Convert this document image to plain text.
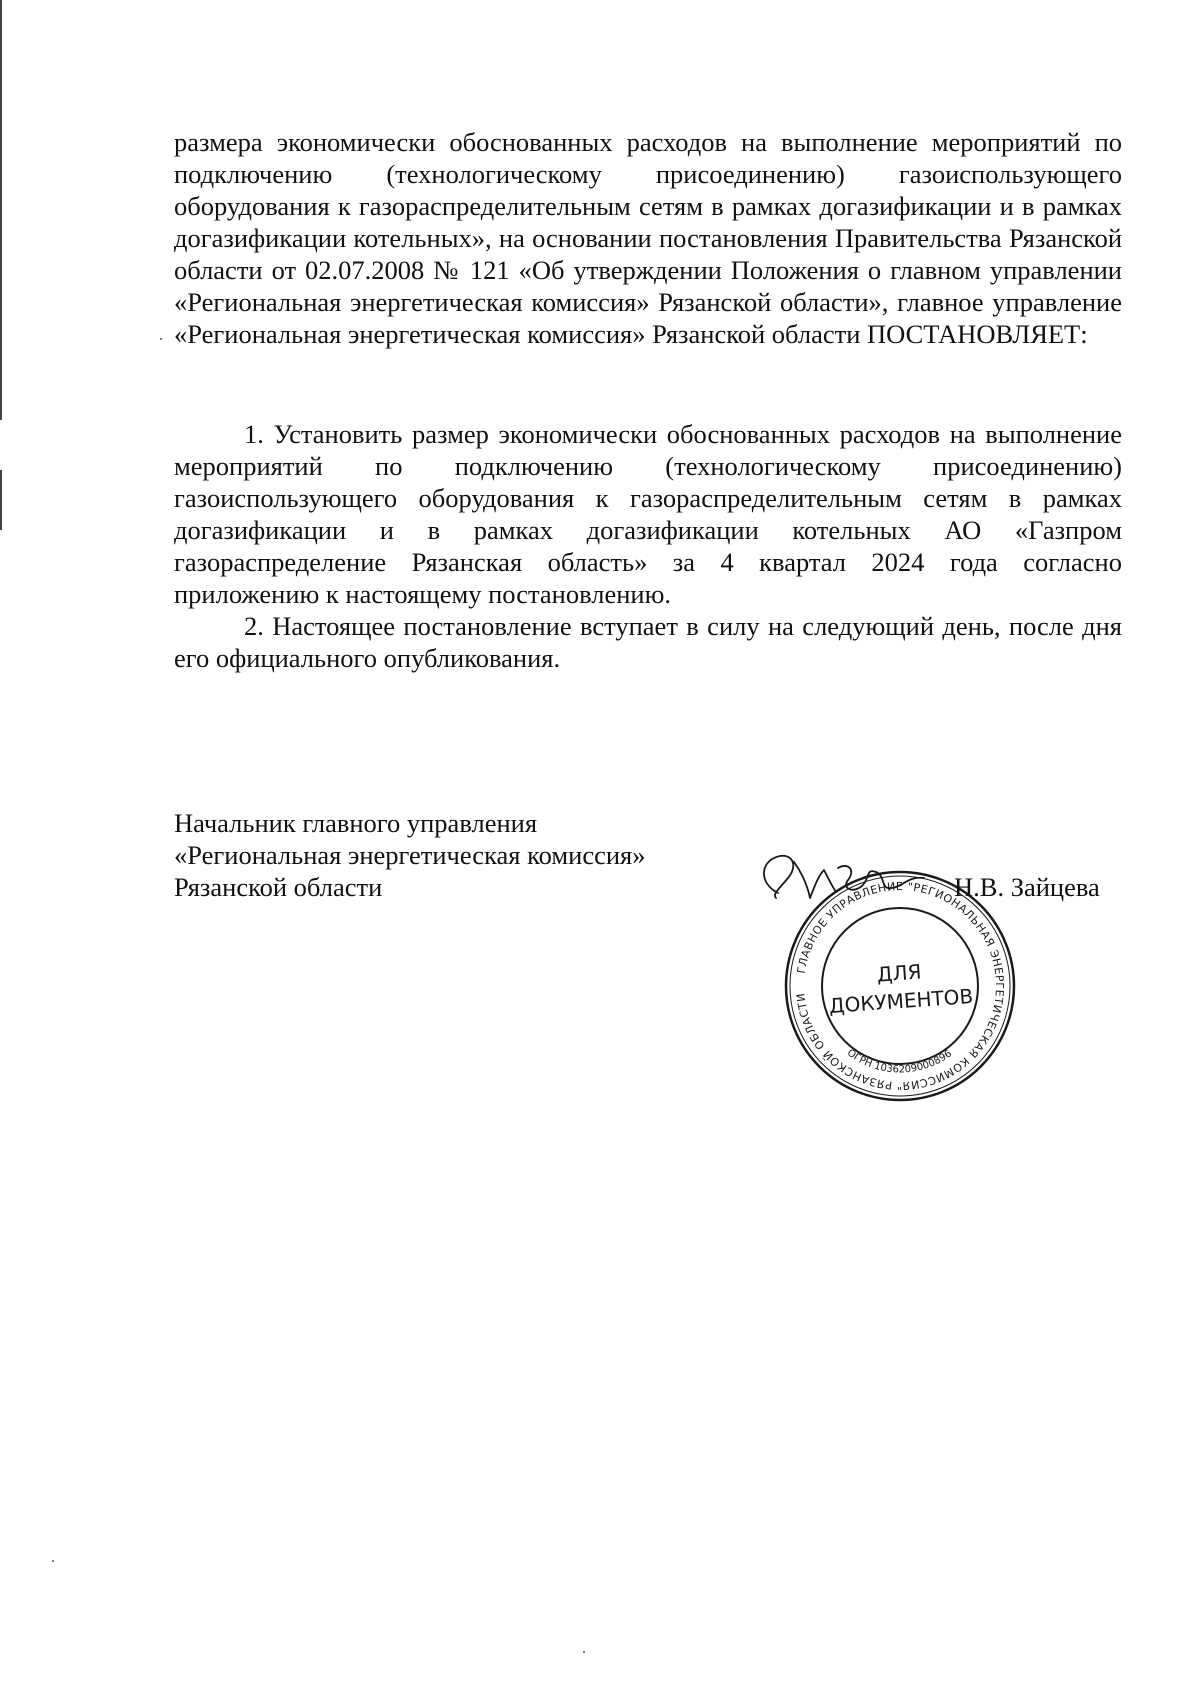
размера экономически обоснованных расходов на выполнение мероприятий по подключению (технологическому присоединению) газоиспользующего оборудования к газораспределительным сетям в рамках догазификации и в рамках догазификации котельных», на основании постановления Правительства Рязанской области от 02.07.2008 № 121 «Об утверждении Положения о главном управлении «Региональная энергетическая комиссия» Рязанской области», главное управление «Региональная энергетическая комиссия» Рязанской области ПОСТАНОВЛЯЕТ:

1. Установить размер экономически обоснованных расходов на выполнение мероприятий по подключению (технологическому присоединению) газоиспользующего оборудования к газораспределительным сетям в рамках догазификации и в рамках догазификации котельных АО «Газпром газораспределение Рязанская область» за 4 квартал 2024 года согласно приложению к настоящему постановлению.

2. Настоящее постановление вступает в силу на следующий день, после дня его официального опубликования.

Начальник главного управления
«Региональная энергетическая комиссия»
Рязанской области
ГЛАВНОЕ УПРАВЛЕНИЕ "РЕГИОНАЛЬНАЯ ЭНЕРГЕТИЧЕСКАЯ КОМИССИЯ" РЯЗАНСКОЙ ОБЛАСТИ
ОГРН 1036209000896
ДЛЯ
ДОКУМЕНТОВ
Н.В. Зайцева
